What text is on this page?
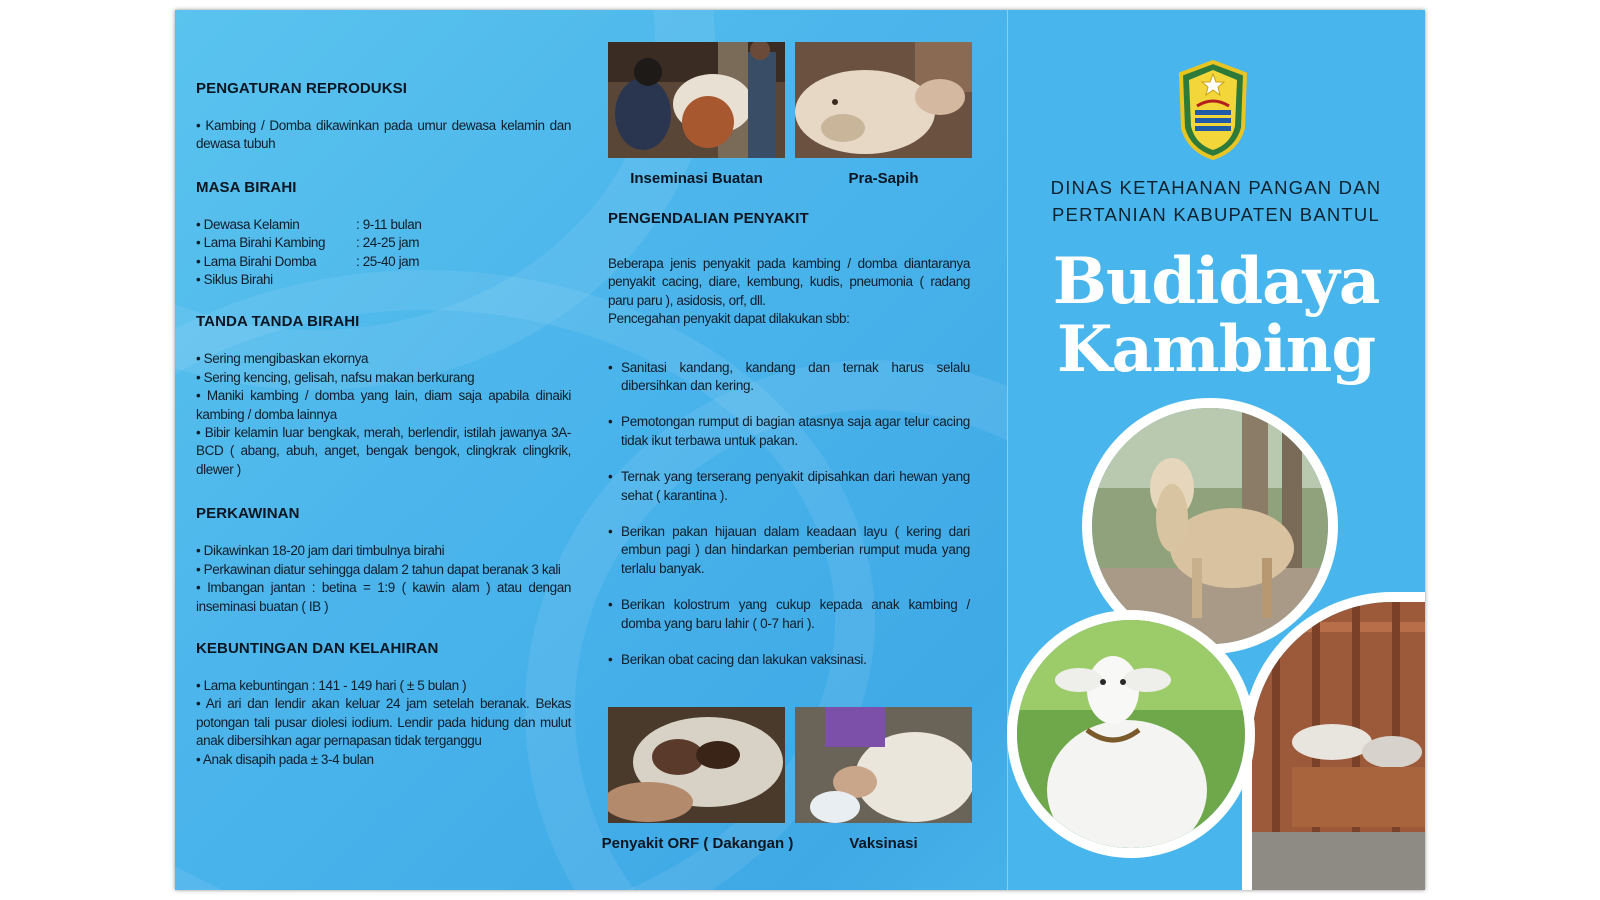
PENGATURAN REPRODUKSI
• Kambing / Domba dikawinkan pada umur dewasa kelamin dan dewasa tubuh
MASA BIRAHI
• Dewasa Kelamin	: 9-11 bulan
• Lama Birahi Kambing	: 24-25 jam
• Lama Birahi Domba	: 25-40 jam
• Siklus Birahi
TANDA TANDA BIRAHI
• Sering mengibaskan ekornya
• Sering kencing, gelisah, nafsu makan berkurang
• Maniki kambing / domba yang lain, diam saja apabila dinaiki kambing / domba lainnya
• Bibir kelamin luar bengkak, merah, berlendir, istilah jawanya 3A-BCD ( abang, abuh, anget, bengak bengok, clingkrak clingkrik, dlewer )
PERKAWINAN
• Dikawinkan 18-20 jam dari timbulnya birahi
• Perkawinan diatur sehingga dalam 2 tahun dapat beranak 3 kali
• Imbangan jantan : betina = 1:9 ( kawin alam ) atau dengan inseminasi buatan ( IB )
KEBUNTINGAN DAN KELAHIRAN
• Lama kebuntingan : 141 - 149 hari ( ± 5 bulan )
• Ari ari dan lendir akan keluar 24 jam setelah beranak. Bekas potongan tali pusar diolesi iodium. Lendir pada hidung dan mulut anak dibersihkan agar pernapasan tidak terganggu
• Anak disapih pada ± 3-4 bulan
Inseminasi Buatan	Pra-Sapih
PENGENDALIAN PENYAKIT
Beberapa jenis penyakit pada kambing / domba diantaranya penyakit cacing, diare, kembung, kudis, pneumonia ( radang paru paru ), asidosis, orf, dll.
Pencegahan penyakit dapat dilakukan sbb:
• Sanitasi kandang, kandang dan ternak harus selalu dibersihkan dan kering.
• Pemotongan rumput di bagian atasnya saja agar telur cacing tidak ikut terbawa untuk pakan.
• Ternak yang terserang penyakit dipisahkan dari hewan yang sehat ( karantina ).
• Berikan pakan hijauan dalam keadaan layu ( kering dari embun pagi ) dan hindarkan pemberian rumput muda yang terlalu banyak.
• Berikan kolostrum yang cukup kepada anak kambing / domba yang baru lahir ( 0-7 hari ).
• Berikan obat cacing dan lakukan vaksinasi.
Penyakit ORF ( Dakangan )	Vaksinasi
DINAS KETAHANAN PANGAN DAN
PERTANIAN KABUPATEN BANTUL
Budidaya
Kambing
